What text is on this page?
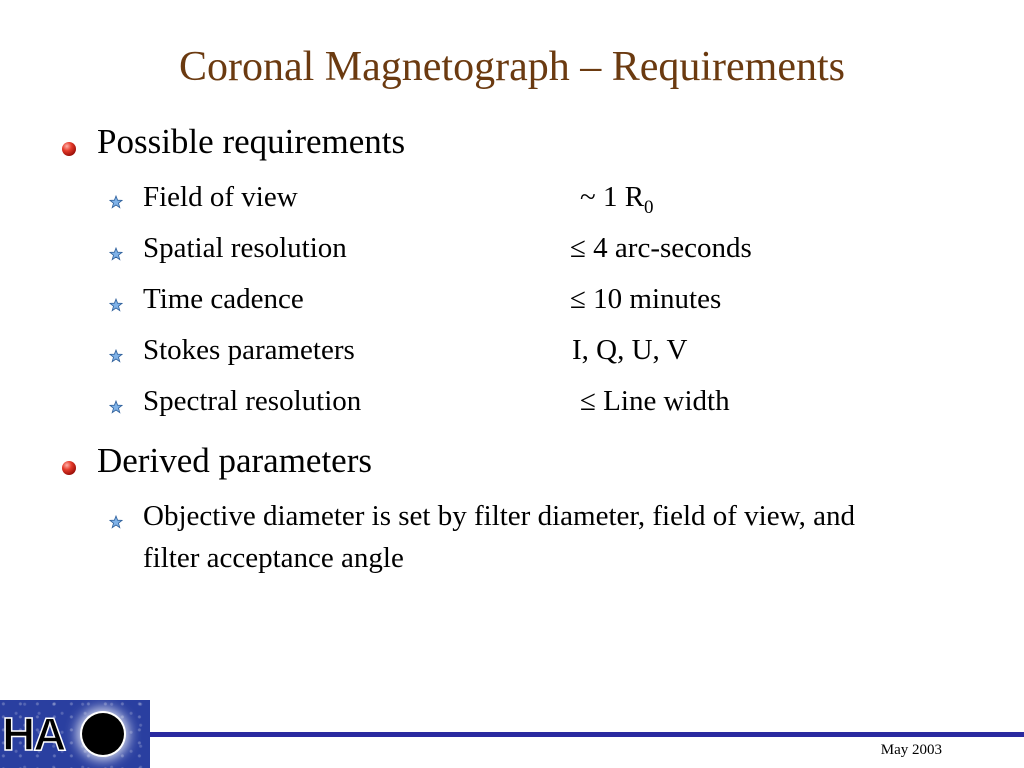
Coronal Magnetograph – Requirements
Possible requirements
Field of view	~ 1 $R_0$
Spatial resolution	≤ 4 arc-seconds
Time cadence	≤ 10 minutes
Stokes parameters	I, Q, U, V
Spectral resolution	≤ Line width
Derived parameters
Objective diameter is set by filter diameter, field of view, and filter acceptance angle
HA	May 2003
